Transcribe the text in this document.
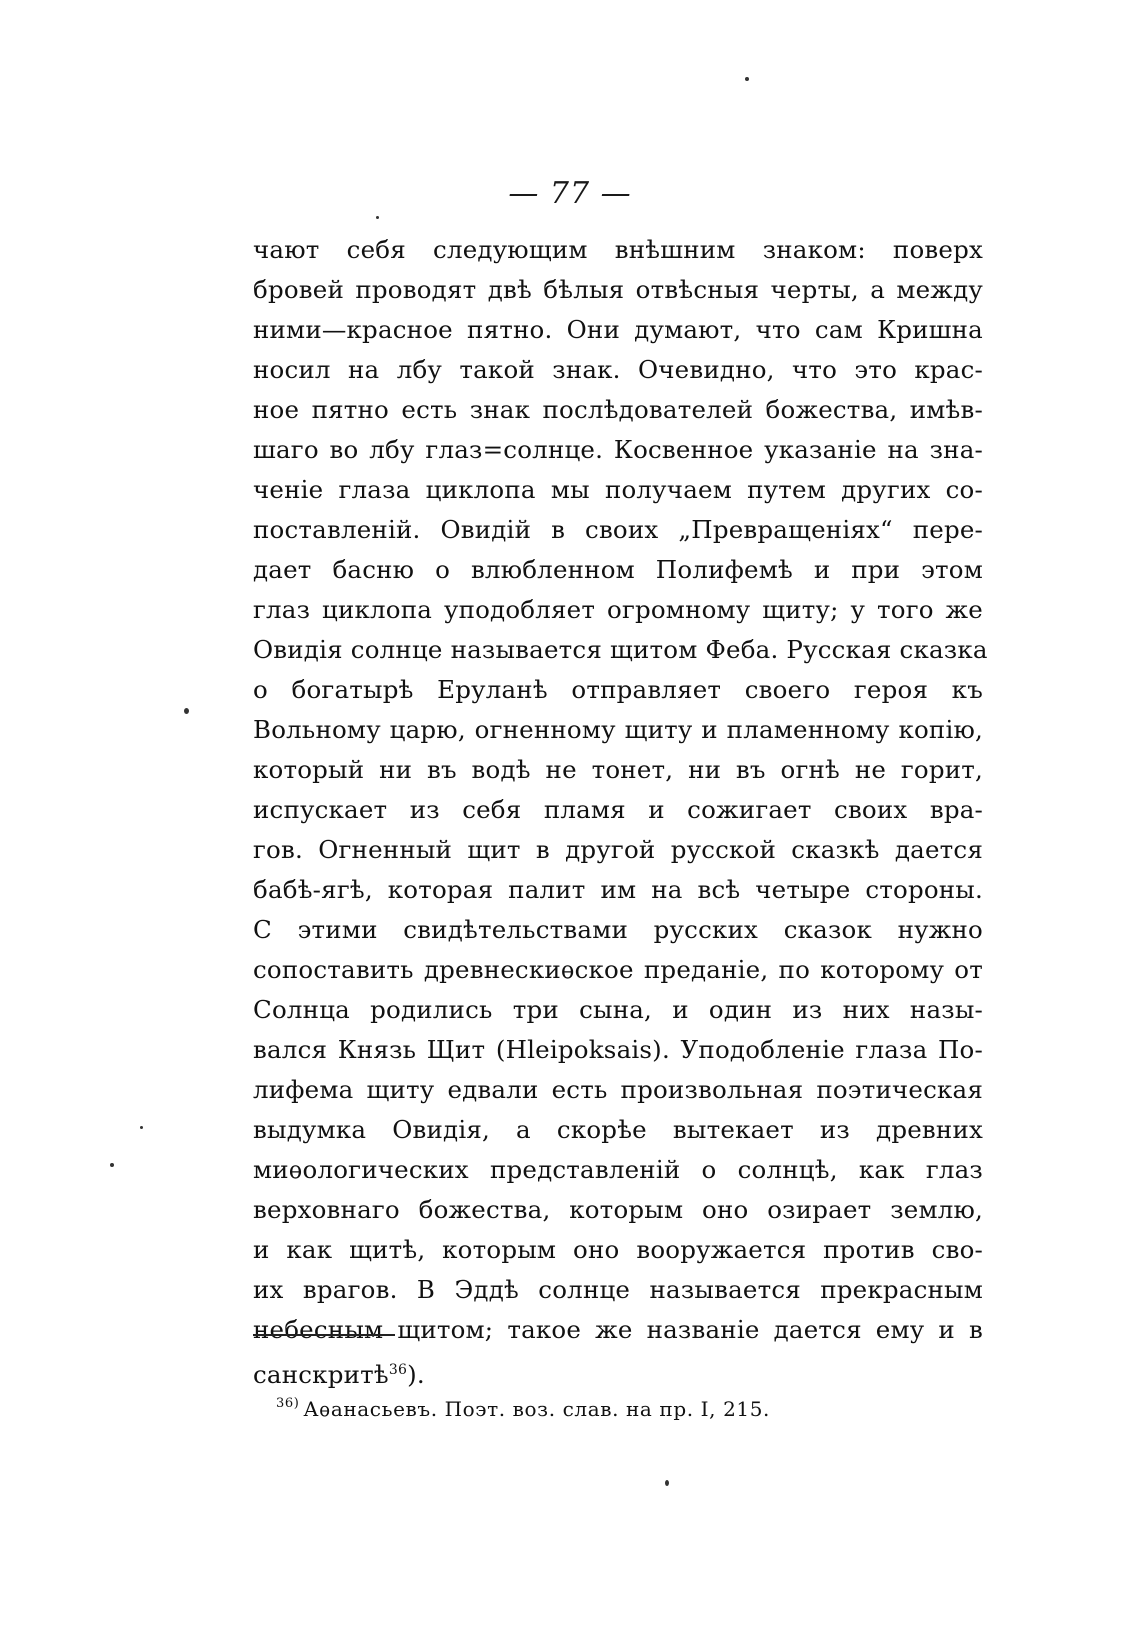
— 77 —
чают себя следующим внѣшним знаком: поверх
бровей проводят двѣ бѣлыя отвѣсныя черты, а между
ними—красное пятно. Они думают, что сам Кришна
носил на лбу такой знак. Очевидно, что это крас-
ное пятно есть знак послѣдователей божества, имѣв-
шаго во лбу глаз=солнце. Косвенное указаніе на зна-
ченіе глаза циклопа мы получаем путем других со-
поставленій. Овидій в своих „Превращеніях“ пере-
дает басню о влюбленном Полифемѣ и при этом
глаз циклопа уподобляет огромному щиту; у того же
Овидія солнце называется щитом Феба. Русская сказка
о богатырѣ Еруланѣ отправляет своего героя къ
Вольному царю, огненному щиту и пламенному копію,
который ни въ водѣ не тонет, ни въ огнѣ не горит,
испускает из себя пламя и сожигает своих вра-
гов. Огненный щит в другой русской сказкѣ дается
бабѣ-ягѣ, которая палит им на всѣ четыре стороны.
С этими свидѣтельствами русских сказок нужно
сопоставить древнескиѳское преданіе, по которому от
Солнца родились три сына, и один из них назы-
вался Князь Щит (Hleipoksais). Уподобленіе глаза По-
лифема щиту едвали есть произвольная поэтическая
выдумка Овидія, а скорѣе вытекает из древних
миѳологических представленій о солнцѣ, как глаз
верховнаго божества, которым оно озирает землю,
и как щитѣ, которым оно вооружается против сво-
их врагов. В Эддѣ солнце называется прекрасным
небесным щитом; такое же названіе дается ему и в
санскритѣ$^{36}$).
$^{36)}$ Аѳанасьевъ. Поэт. воз. слав. на пр. I, 215.
